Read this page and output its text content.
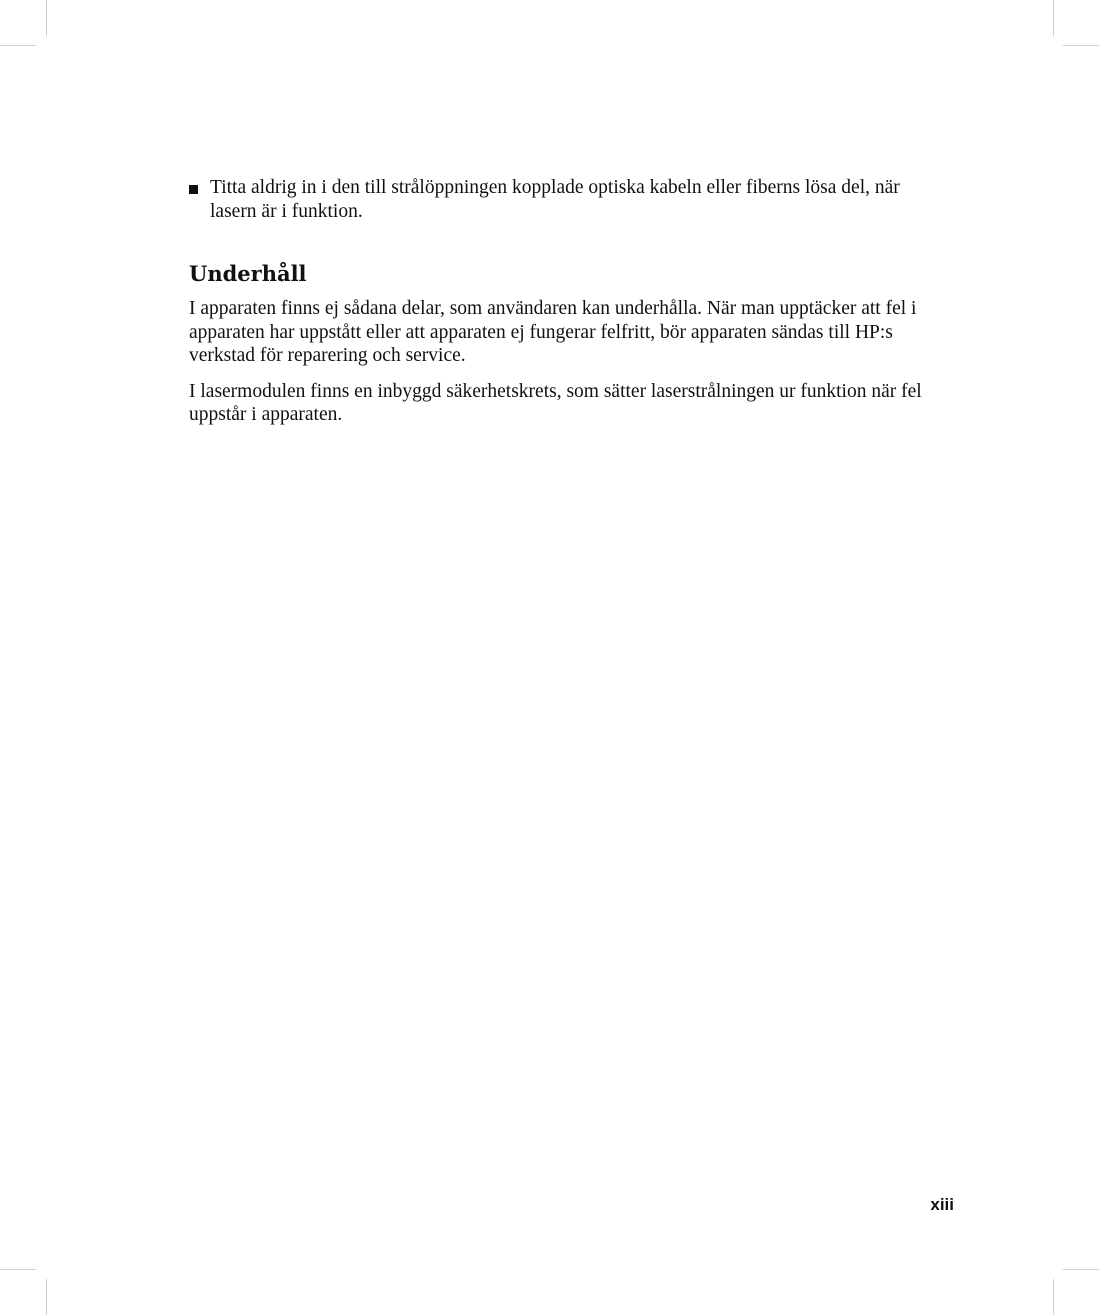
Titta aldrig in i den till strålöppningen kopplade optiska kabeln eller fiberns lösa del, när lasern är i funktion.

Underhåll

I apparaten finns ej sådana delar, som användaren kan underhålla. När man upptäcker att fel i apparaten har uppstått eller att apparaten ej fungerar felfritt, bör apparaten sändas till HP:s verkstad för reparering och service.

I lasermodulen finns en inbyggd säkerhetskrets, som sätter laserstrålningen ur funktion när fel uppstår i apparaten.

xiii
